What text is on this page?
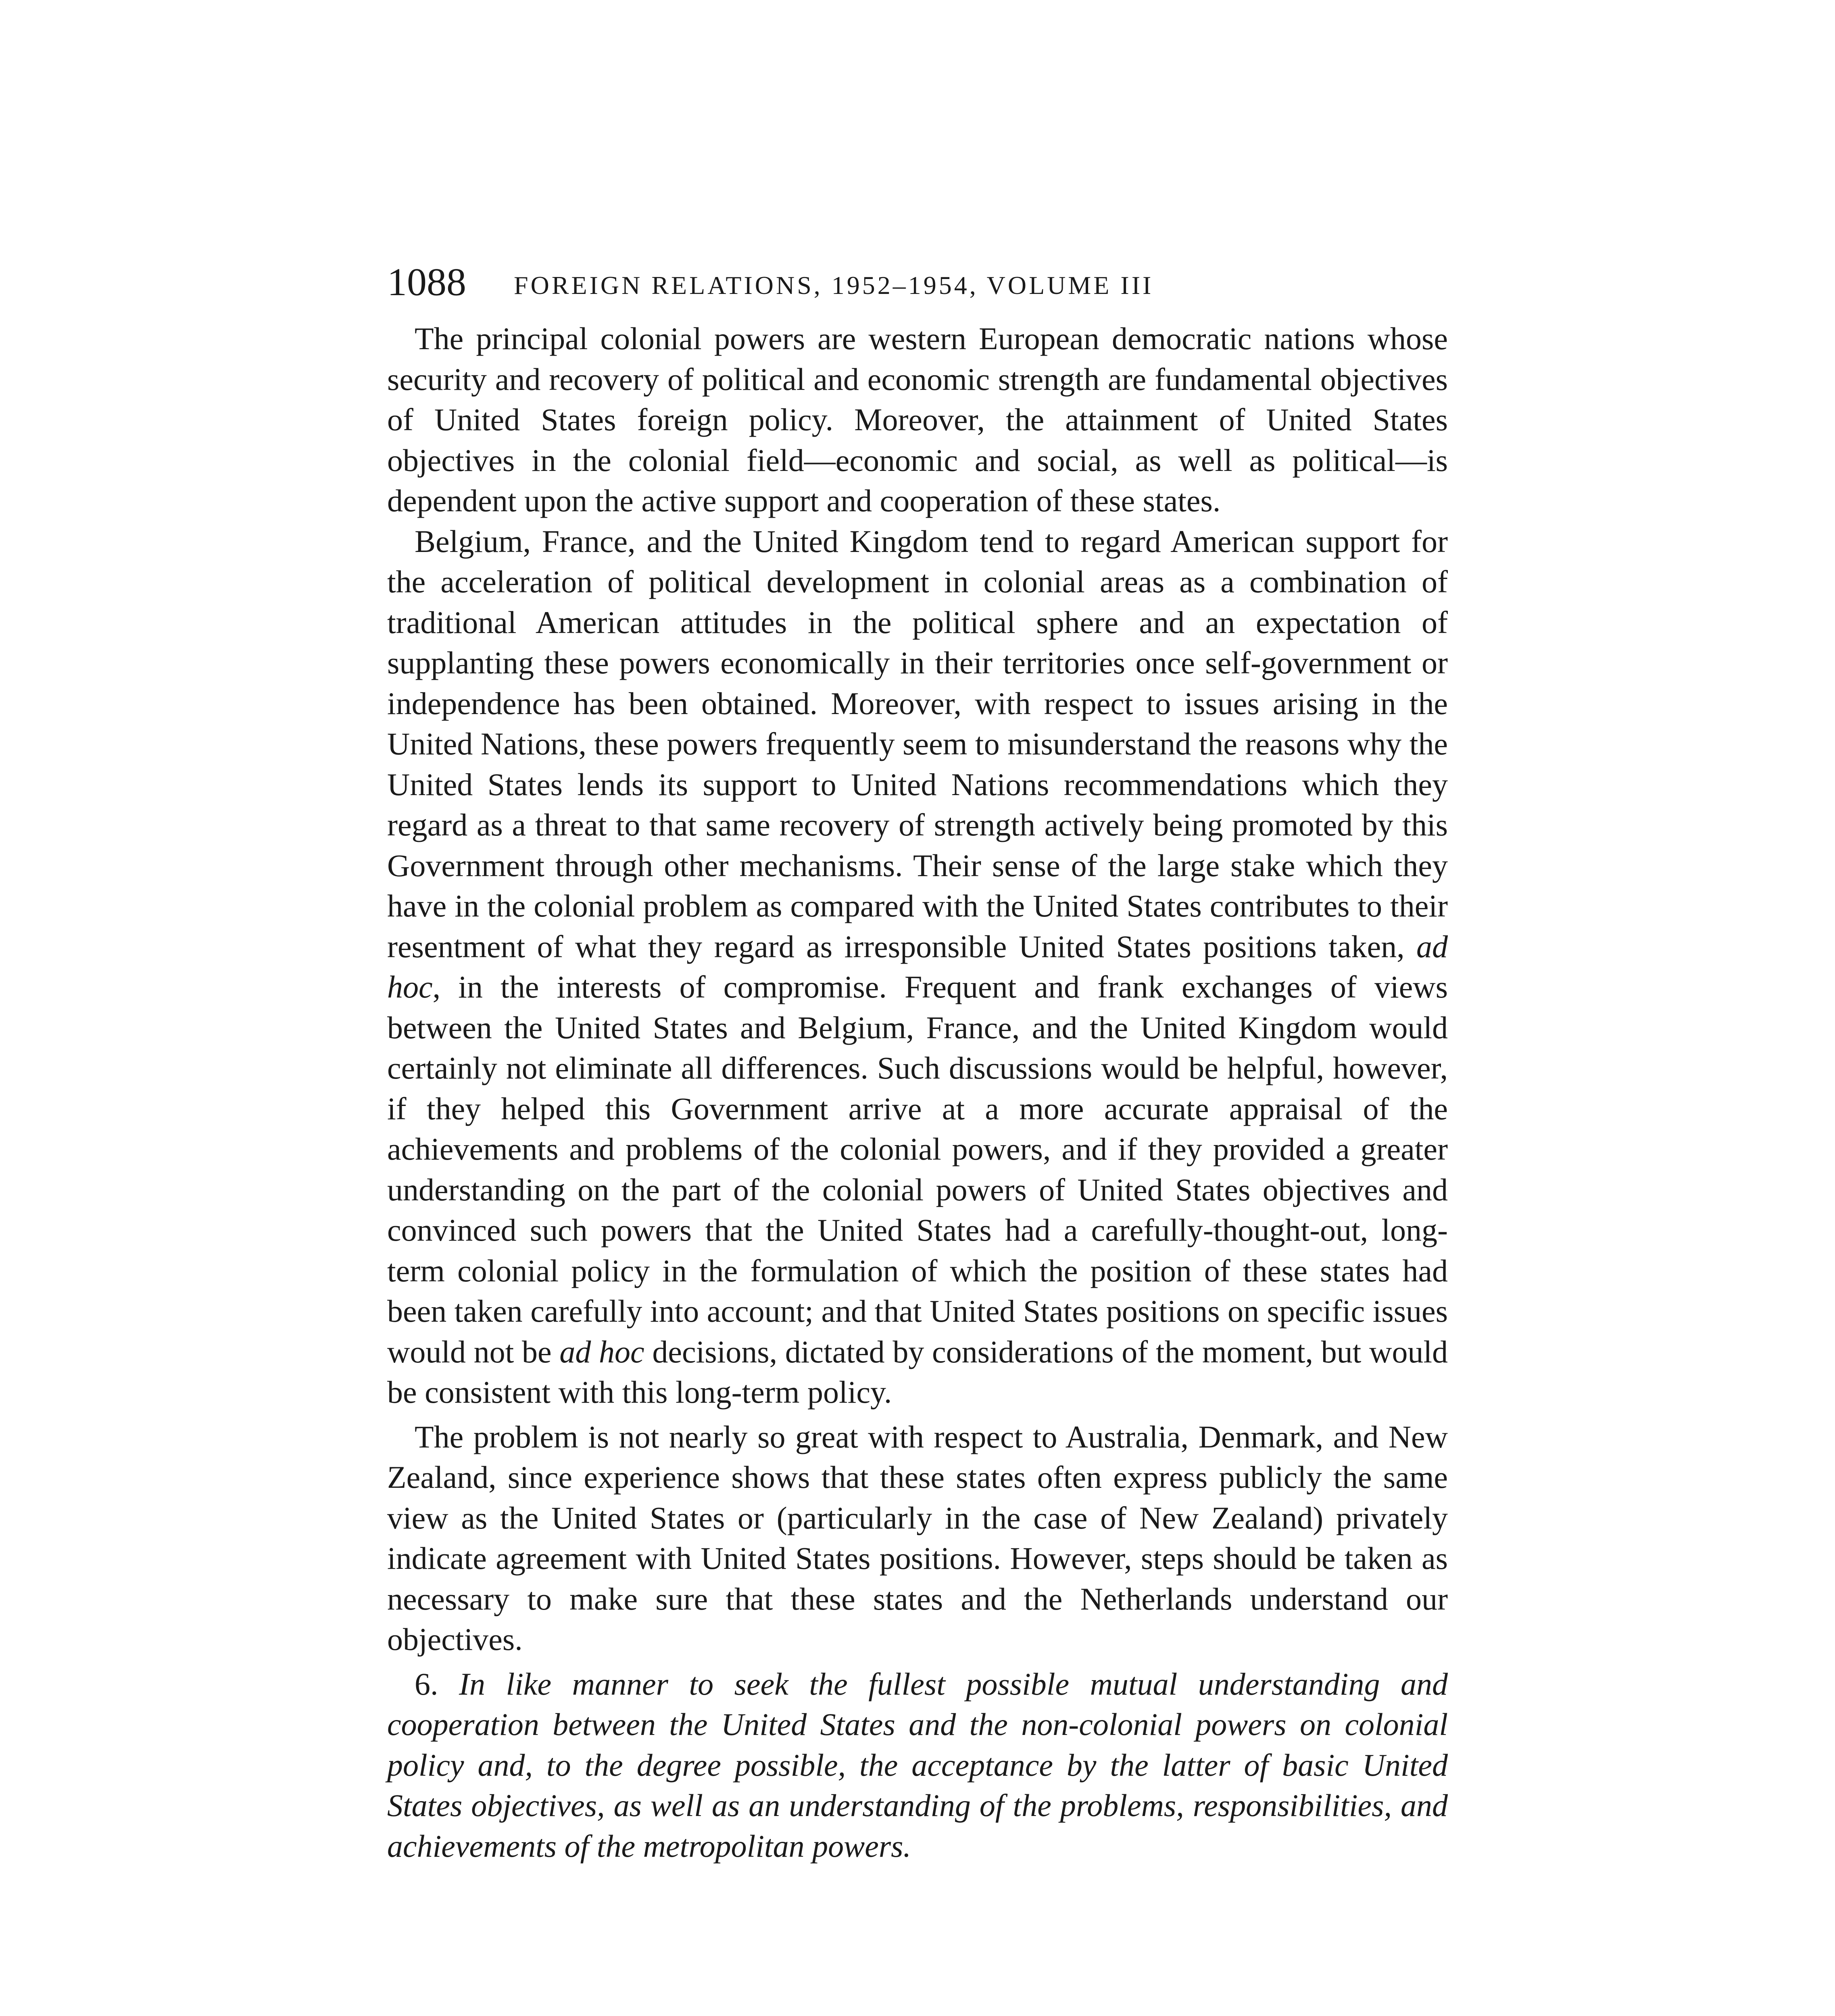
1088 FOREIGN RELATIONS, 1952–1954, VOLUME III

The principal colonial powers are western European democratic nations whose security and recovery of political and economic strength are fundamental objectives of United States foreign policy. Moreover, the attainment of United States objectives in the colonial field—economic and social, as well as political—is dependent upon the active support and cooperation of these states.

Belgium, France, and the United Kingdom tend to regard American support for the acceleration of political development in colonial areas as a combination of traditional American attitudes in the political sphere and an expectation of supplanting these powers economically in their territories once self-government or independence has been obtained. Moreover, with respect to issues arising in the United Nations, these powers frequently seem to misunderstand the reasons why the United States lends its support to United Nations recommendations which they regard as a threat to that same recovery of strength actively being promoted by this Government through other mechanisms. Their sense of the large stake which they have in the colonial problem as compared with the United States contributes to their resentment of what they regard as irresponsible United States positions taken, ad hoc, in the interests of compromise. Frequent and frank exchanges of views between the United States and Belgium, France, and the United Kingdom would certainly not eliminate all differences. Such discussions would be helpful, however, if they helped this Government arrive at a more accurate appraisal of the achievements and problems of the colonial powers, and if they provided a greater understanding on the part of the colonial powers of United States objectives and convinced such powers that the United States had a carefully-thought-out, long-term colonial policy in the formulation of which the position of these states had been taken carefully into account; and that United States positions on specific issues would not be ad hoc decisions, dictated by considerations of the moment, but would be consistent with this long-term policy.

The problem is not nearly so great with respect to Australia, Denmark, and New Zealand, since experience shows that these states often express publicly the same view as the United States or (particularly in the case of New Zealand) privately indicate agreement with United States positions. However, steps should be taken as necessary to make sure that these states and the Netherlands understand our objectives.

6. In like manner to seek the fullest possible mutual understanding and cooperation between the United States and the non-colonial powers on colonial policy and, to the degree possible, the acceptance by the latter of basic United States objectives, as well as an understanding of the problems, responsibilities, and achievements of the metropolitan powers.
